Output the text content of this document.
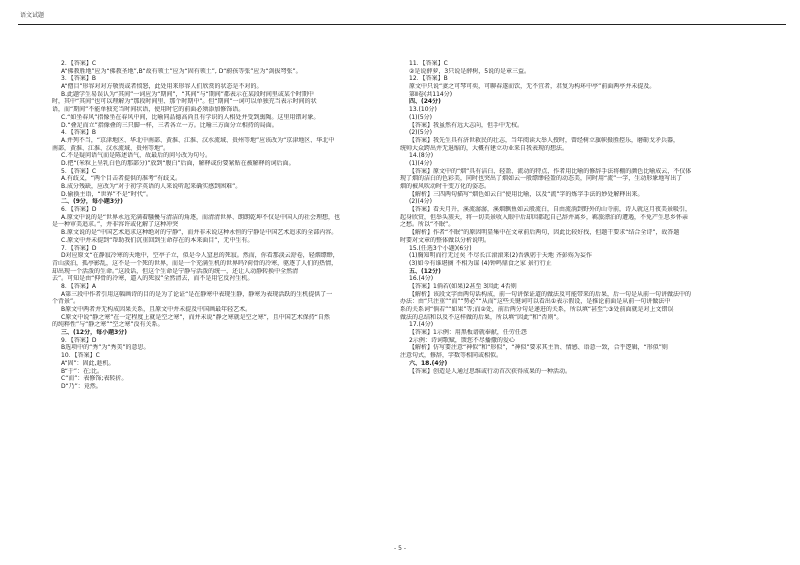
语文试题
2．【答案】C
A“佛教胜地”应为“佛教圣地”,B“故有领土”应为“固有领土”, D“蔚孩等张”应为“剑拔弩张”。
3．【答案】B
A“僧目”形容对对方敬畏或者愤怒，此处用来形容人们欣赏的状态是不对的。
B.此题学生易误认为“其间”一词应为“期间”，“其间”与“期间”都表示在某段时间里或某个时期中
时，其中“其间”也可以理解为“那段时间里、那个时期中”。但“期间”一词可以单独充当表示时间的状
语，而“期间”不能单独充当时间状语，使用时它的前面必须添加修饰语。
C.“如坐春风”指像坐在春风中间，比喻同品德高尚且有学识的人相处并受到熏陶。这里用错对象。
D.“叠足而立”指像叠的三只脚一样，三者各立一方。比喻三方面分立相持的局面。
4．【答案】B
A.并列不当，“京津地区、华北中南部、黄淮、江淮、汉水流域、贵州等地”应该改为“京津地区、华北中
南部，黄淮、江淮、汉水流域、贵州等地”。
C.不是疑问语气而是陈述语气，故最后的问号改为句号。
D.把“(米粒上呈乳白色的那部分)”放到“腹白”后面，解释或份要紧贴在被解释的词后面。
5．【答案】C
A.有歧义，“两个目击者提供的准考”有歧义。
B.成分残缺，应改为“对于初学英语的人来说听起来确实感到困难”。
D.偷换主语，“世界”不是“时代”。
二、(9分，每小题3分)
6．【答案】D
A.原文中说的是“世界永远充满着騒擾与清洁的角逐，而清清世界、朗朗乾坤不仅是中国人的社会理想，也
是一种审美追求。”，并非容许或化解了这种冲突
B.原文说的是“中国艺术追求这种绝对的宁静”，而并非未说这种永恒的宁静是中国艺术追求的全部内容。
C.原文中并未提到“帮助我们沉重回到生命存在的本来面目”，无中生有。
7．【答案】D
D对应原文“在静寂冷寒的天地中，空亭子立，似是今人窒息的死寂。然而，你看那淡云舒卷，轻烟缥缈，
青山淡泊，孤亭影乱，这不是一个死的世界，而是一个充满生机的世界吗?荷骨的冷寒，驱逐了人们的热情，
却出现一个活泼的生命。”这段话，但这个生命是宁静与活泼的统一，还让人动静转换中全然清
去”。可知是由“抑骨的冷寒，逼入的死寂”全然清去，而不是用它反衬生机。
8．【答案】A
A第三段中作者引用这幅画诗的目的是为了论证“是在静寒中表现生静，静寒为表现活跃的生机提供了一
个背景”。
B原文中两者并无构成因果关系，且原文中并未提及中国画最年轻艺术。
C原文中说“静之寒”在一定程度上就是空之寒”，而并未说“静之寒就是空之寒”，且中国艺术保持“自然
的纯粹性”与“静之寒”“空之寒”没有关系。
三、(12分，每小题3分)
9．【答案】D
B选项中的“秀”为“秀美”的意思。
10．【答案】C
A“固”：固此,趁机。
B“于”：在;比。
C“而”：表修饰;表转折。
D“乃”：竟然。
11．【答案】C
②是说薛萝，3只说是薛树，5说的是章三益。
12．【答案】B
原文中只说“妻之可琴可奕，可聊春遂而饮，无不宜者，君复为构环中亭”前面两亭并未提及。
第Ⅱ卷(共114分)
四、(24分)
13.(10分)
(1)(5分)
【答案】我虽然有远大志向，但手中无权。
(2)(5分)
【答案】我先生具有济世救民的壮志，当年阅读大举人授时，曾经树立旗帜摄胜控乐，磨砺戈矛兵器，
统帅大众跨出并无退缩的，大概有建立功业来自我表现的想法。
14.(8分)
(1)(4分)
【答案】原文中的“烟”具有洁白、轻盈、流动的特点，作者用比喻的修辞手法将棚的颜色比喻成云，不仅体
现了烟的洁白的色彩美，同时也突出了烟如云一般缥缈轻盈的动态美，同时用“流”一字，生动形象地写出了
烟的被风吹动时千变万化的姿态。
【解析】三四两句描写“烟色如云白”使用比喻，以及“流”字的炼字手法的妙处解释出来。
(2)(4分)
【答案】看天月升，溪流潺潺，溪烟飘鱼如云般流白，自由流淌到野外的山寺前，诗人就这月夜美景吸引，
起身欣赏，但举头簇天，将一切美景收入眼中后却因都起自己辞并离乡，羁旅漂泊的遭遇，不免产生思乡怀亲
之愁。所以“不眠”。
【解析】作者“不眠”的原因明显集中在文章前后两句，因此比较好找，但题干要求“结合全诗”，故答题
时要对文章的整体做以分析说明。
15.(任选3个小题)(6分)
(1)胸知明而行无过矣 不尽长江滚滚来(2)吾孰躬于天地 齐彭殇为妄作
(3)如今有谁堪摘 不相为谋 (4)钟鸣鼎食之家 景行行止
五、(12分)
16.(4分)
【答案】1倘若(如果)2甚至 3因此 4否则
【解析】该段文字由两句话构成，前一句讲保证道的做法及可能带来的后果，后一句是从前一句讲做法中的
办法：由“只注重”“而”“势必”“从而”这些关键词可以看出①表示假设，是推论前面是从前一句讲做法中
系的关系词“倘若”“如果”等;而②处，前后两分句是递进的关系，所以填“甚至”;③处前面就是对上文错误
做法的总结和以及不这样做的后果，所以填“因此”和“否则”。
17.(4分)
【答案】1示例：用黑板谱就奉献，任劳任怨
2示例：诗词歌赋，馈您不尽播撒的爱心
【解析】仿写要注意“神似”和“形似”，“神似”要求其主旨、情感、语意一致，合乎逻辑，“形似”则
注意句式，修辞，字数等相同或相似。
六、18.(4分)
【答案】创造是人通过思维或行动首次获得成果的一种活动。
- 5 -
